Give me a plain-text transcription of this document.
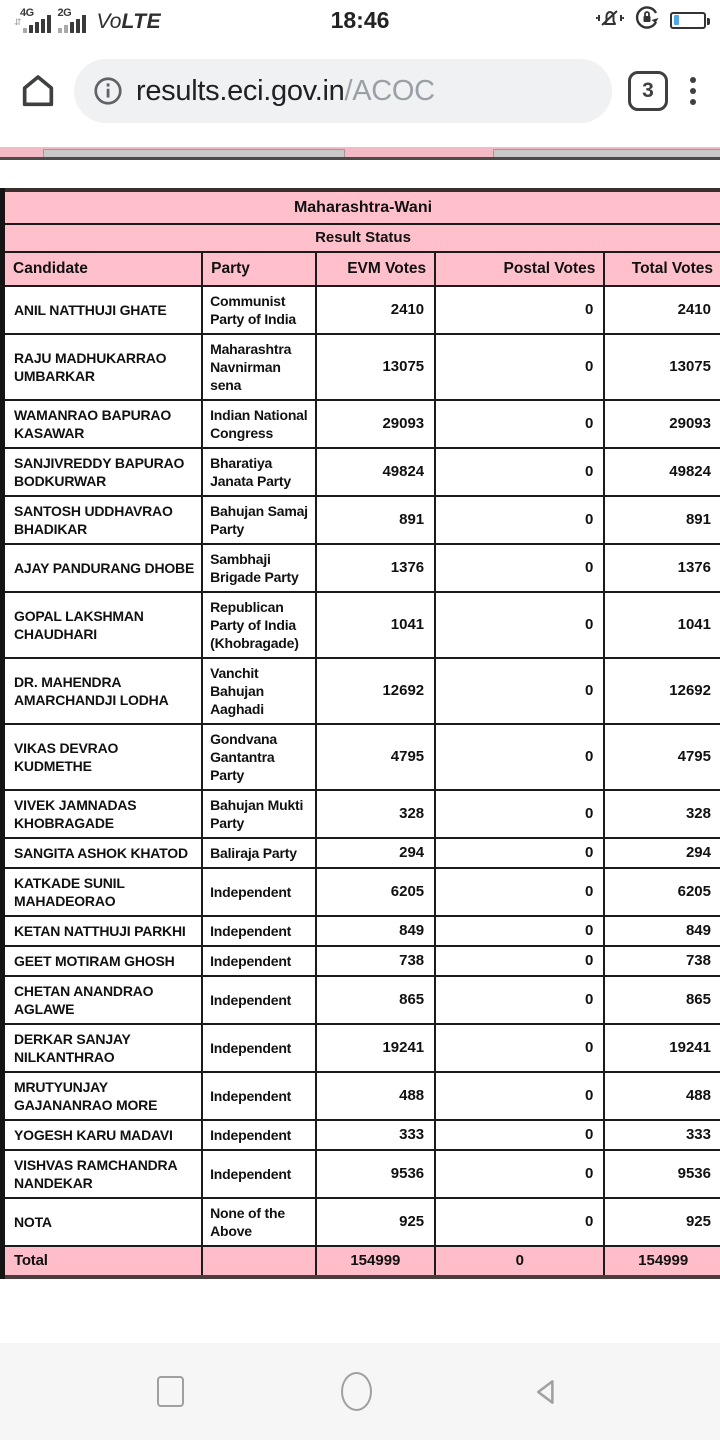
⇵
4G 2G VoLTE	18:46
results.eci.gov.in /ACOC	3
Maharashtra-Wani				
Result Status				
Candidate	Party	EVM Votes	Postal Votes	Total Votes
ANIL NATTHUJI GHATE	Communist Party of India	2410	0	2410
RAJU MADHUKARRAO UMBARKAR	Maharashtra Navnirman sena	13075	0	13075
WAMANRAO BAPURAO KASAWAR	Indian National Congress	29093	0	29093
SANJIVREDDY BAPURAO BODKURWAR	Bharatiya Janata Party	49824	0	49824
SANTOSH UDDHAVRAO BHADIKAR	Bahujan Samaj Party	891	0	891
AJAY PANDURANG DHOBE	Sambhaji Brigade Party	1376	0	1376
GOPAL LAKSHMAN CHAUDHARI	Republican Party of India (Khobragade)	1041	0	1041
DR. MAHENDRA AMARCHANDJI LODHA	Vanchit Bahujan Aaghadi	12692	0	12692
VIKAS DEVRAO KUDMETHE	Gondvana Gantantra Party	4795	0	4795
VIVEK JAMNADAS KHOBRAGADE	Bahujan Mukti Party	328	0	328
SANGITA ASHOK KHATOD	Baliraja Party	294	0	294
KATKADE SUNIL MAHADEORAO	Independent	6205	0	6205
KETAN NATTHUJI PARKHI	Independent	849	0	849
GEET MOTIRAM GHOSH	Independent	738	0	738
CHETAN ANANDRAO AGLAWE	Independent	865	0	865
DERKAR SANJAY NILKANTHRAO	Independent	19241	0	19241
MRUTYUNJAY GAJANANRAO MORE	Independent	488	0	488
YOGESH KARU MADAVI	Independent	333	0	333
VISHVAS RAMCHANDRA NANDEKAR	Independent	9536	0	9536
NOTA	None of the Above	925	0	925
Total		154999	0	154999
